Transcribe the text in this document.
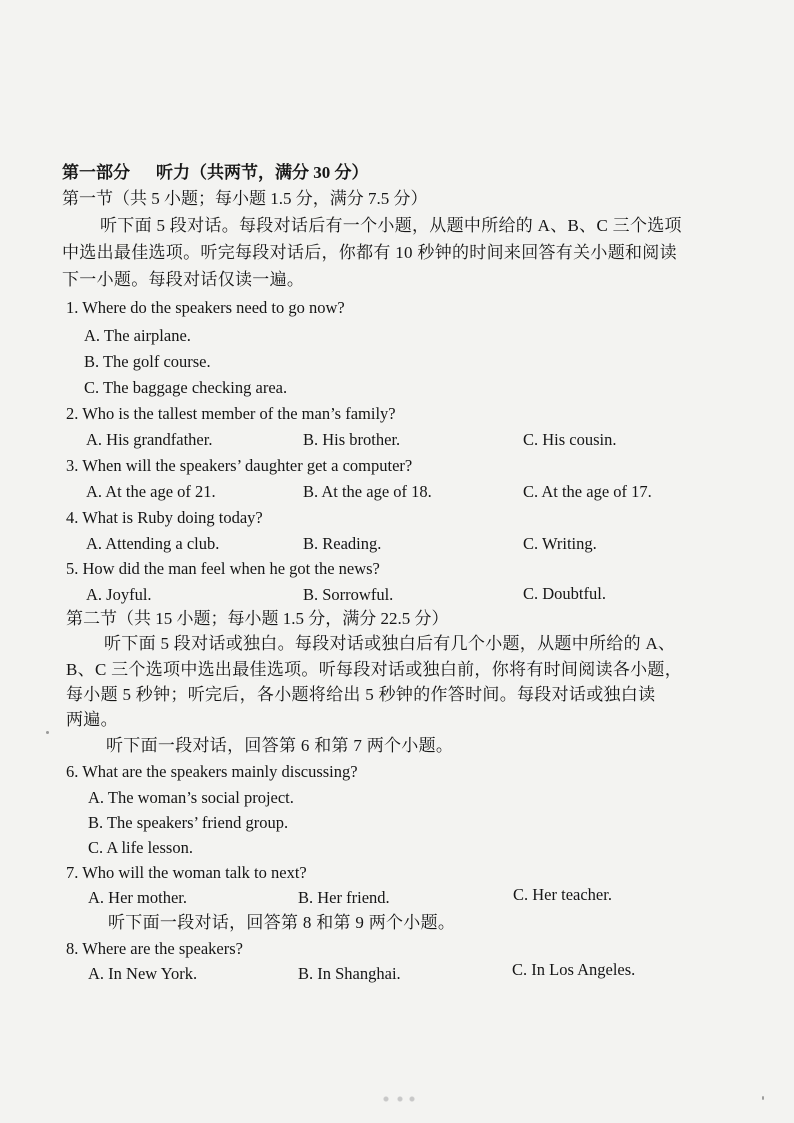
第一部分 听力（共两节，满分 30 分）
第一节（共 5 小题；每小题 1.5 分，满分 7.5 分）
听下面 5 段对话。每段对话后有一个小题，从题中所给的 A、B、C 三个选项
中选出最佳选项。听完每段对话后，你都有 10 秒钟的时间来回答有关小题和阅读
下一小题。每段对话仅读一遍。
1. Where do the speakers need to go now?
A. The airplane.
B. The golf course.
C. The baggage checking area.
2. Who is the tallest member of the man’s family?
A. His grandfather.	B. His brother.	C. His cousin.
3. When will the speakers’ daughter get a computer?
A. At the age of 21.	B. At the age of 18.	C. At the age of 17.
4. What is Ruby doing today?
A. Attending a club.	B. Reading.	C. Writing.
5. How did the man feel when he got the news?
A. Joyful.	B. Sorrowful.	C. Doubtful.
第二节（共 15 小题；每小题 1.5 分，满分 22.5 分）
听下面 5 段对话或独白。每段对话或独白后有几个小题，从题中所给的 A、
B、C 三个选项中选出最佳选项。听每段对话或独白前，你将有时间阅读各小题，
每小题 5 秒钟；听完后，各小题将给出 5 秒钟的作答时间。每段对话或独白读
两遍。
听下面一段对话，回答第 6 和第 7 两个小题。
6. What are the speakers mainly discussing?
A. The woman’s social project.
B. The speakers’ friend group.
C. A life lesson.
7. Who will the woman talk to next?
A. Her mother.	B. Her friend.	C. Her teacher.
听下面一段对话，回答第 8 和第 9 两个小题。
8. Where are the speakers?
A. In New York.	B. In Shanghai.	C. In Los Angeles.
